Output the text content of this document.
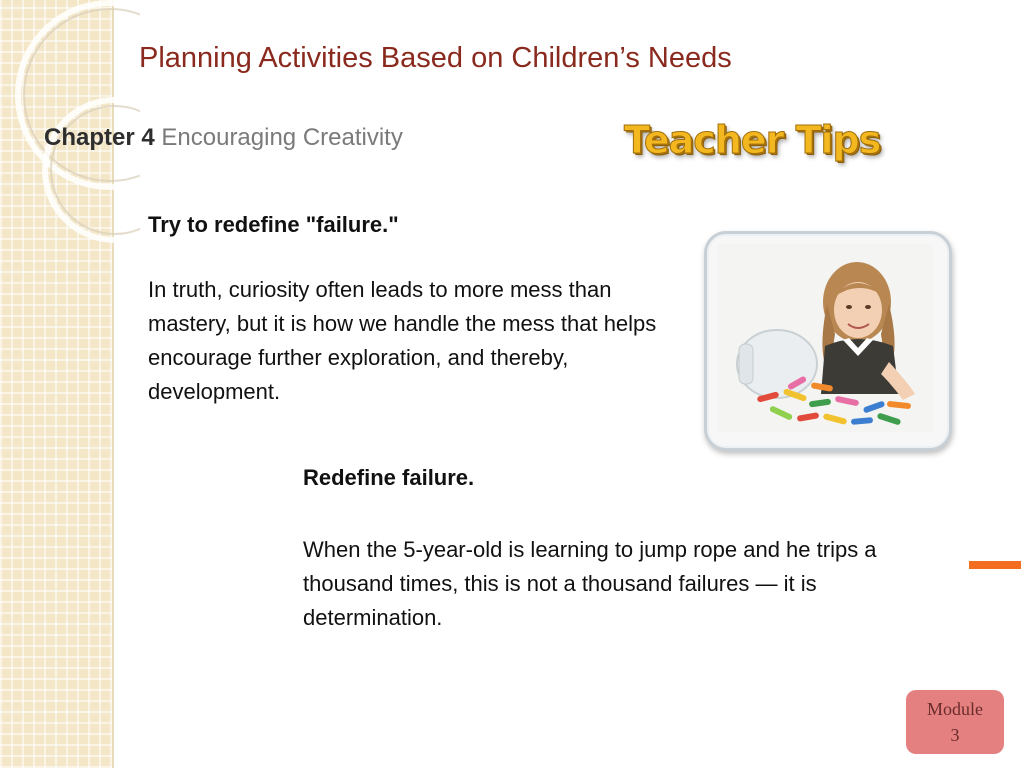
Planning Activities Based on Children’s Needs
Chapter 4 Encouraging Creativity	Teacher Tips
Try to redefine "failure."
In truth, curiosity often leads to more mess than mastery, but it is how we handle the mess that helps encourage further exploration, and thereby, development.
Redefine failure.
When the 5-year-old is learning to jump rope and he trips a thousand times, this is not a thousand failures — it is determination.
Module
3
